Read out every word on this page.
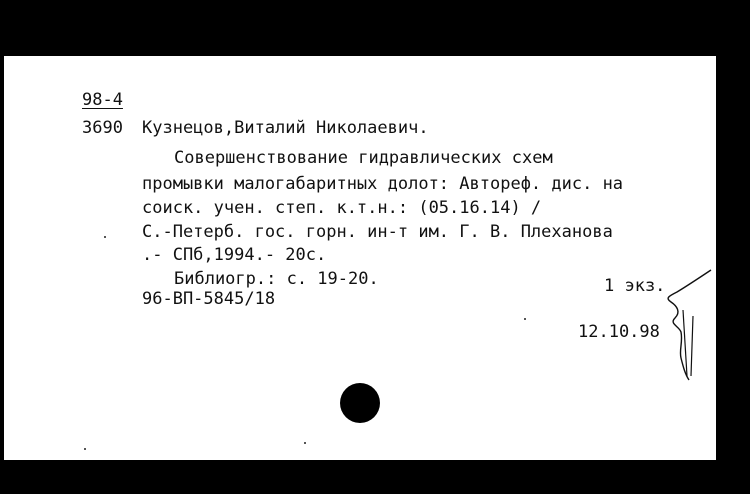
98-4
3690 Кузнецов,Виталий Николаевич.
Совершенствование гидравлических схем
промывки малогабаритных долот: Автореф. дис. на
соиск. учен. степ. к.т.н.: (05.16.14) /
С.-Петерб. гос. горн. ин-т им. Г. В. Плеханова
.- СПб,1994.- 20с.
Библиогр.: с. 19-20.	1 экз.
96-ВП-5845/18
12.10.98
